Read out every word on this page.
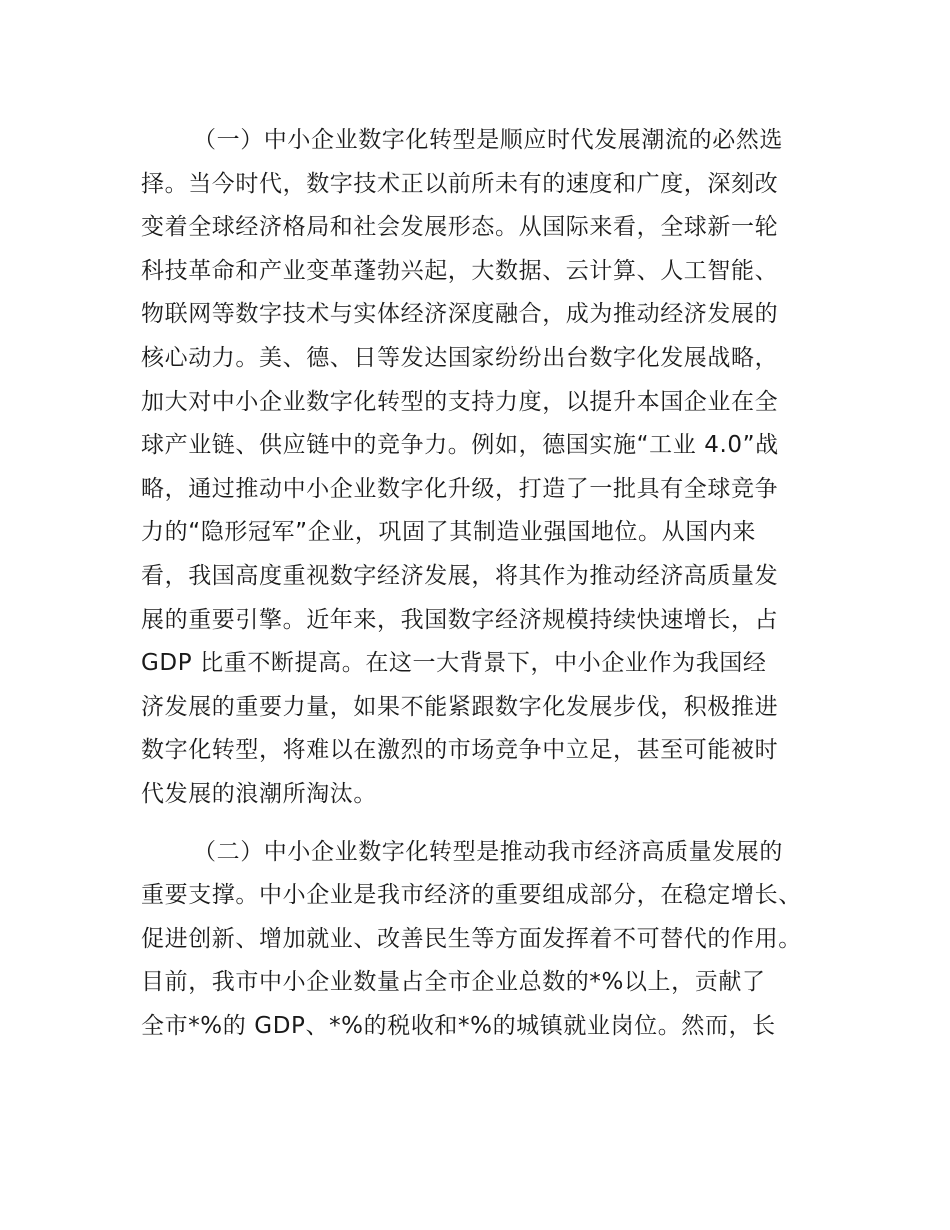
（一）中小企业数字化转型是顺应时代发展潮流的必然选
择。当今时代，数字技术正以前所未有的速度和广度，深刻改
变着全球经济格局和社会发展形态。从国际来看，全球新一轮
科技革命和产业变革蓬勃兴起，大数据、云计算、人工智能、
物联网等数字技术与实体经济深度融合，成为推动经济发展的
核心动力。美、德、日等发达国家纷纷出台数字化发展战略，
加大对中小企业数字化转型的支持力度，以提升本国企业在全
球产业链、供应链中的竞争力。例如，德国实施“工业 4.0”战
略，通过推动中小企业数字化升级，打造了一批具有全球竞争
力的“隐形冠军”企业，巩固了其制造业强国地位。从国内来
看，我国高度重视数字经济发展，将其作为推动经济高质量发
展的重要引擎。近年来，我国数字经济规模持续快速增长，占
GDP 比重不断提高。在这一大背景下，中小企业作为我国经
济发展的重要力量，如果不能紧跟数字化发展步伐，积极推进
数字化转型，将难以在激烈的市场竞争中立足，甚至可能被时
代发展的浪潮所淘汰。
（二）中小企业数字化转型是推动我市经济高质量发展的
重要支撑。中小企业是我市经济的重要组成部分，在稳定增长、
促进创新、增加就业、改善民生等方面发挥着不可替代的作用。
目前，我市中小企业数量占全市企业总数的*%以上，贡献了
全市*%的 GDP、*%的税收和*%的城镇就业岗位。然而，长
